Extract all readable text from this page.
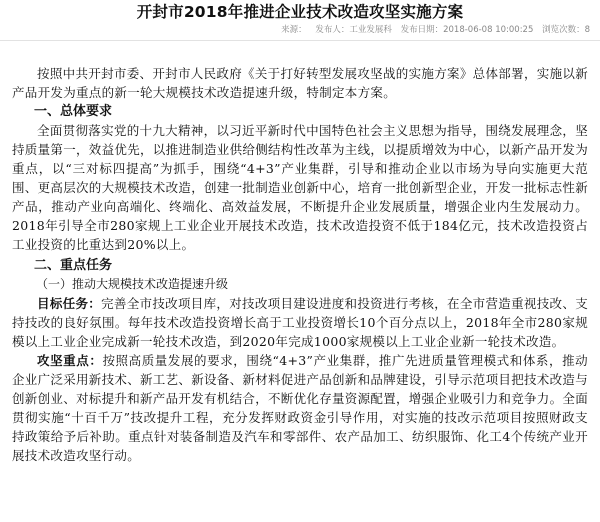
开封市2018年推进企业技术改造攻坚实施方案
来源： 发布人：工业发展科 发布日期：2018-06-08 10:00:25 浏览次数：8

按照中共开封市委、开封市人民政府《关于打好转型发展攻坚战的实施方案》总体部署，实施以新产品开发为重点的新一轮大规模技术改造提速升级，特制定本方案。

一、总体要求

全面贯彻落实党的十九大精神，以习近平新时代中国特色社会主义思想为指导，围绕发展理念，坚持质量第一，效益优先，以推进制造业供给侧结构性改革为主线，以提质增效为中心，以新产品开发为重点，以“三对标四提高”为抓手，围绕“4+3”产业集群，引导和推动企业以市场为导向实施更大范围、更高层次的大规模技术改造，创建一批制造业创新中心，培育一批创新型企业，开发一批标志性新产品，推动产业向高端化、终端化、高效益发展，不断提升企业发展质量，增强企业内生发展动力。2018年引导全市280家规上工业企业开展技术改造，技术改造投资不低于184亿元，技术改造投资占工业投资的比重达到20%以上。

二、重点任务
（一）推动大规模技术改造提速升级

目标任务：完善全市技改项目库，对技改项目建设进度和投资进行考核，在全市营造重视技改、支持技改的良好氛围。每年技术改造投资增长高于工业投资增长10个百分点以上，2018年全市280家规模以上工业企业完成新一轮技术改造，到2020年完成1000家规模以上工业企业新一轮技术改造。

攻坚重点：按照高质量发展的要求，围绕“4+3”产业集群，推广先进质量管理模式和体系，推动企业广泛采用新技术、新工艺、新设备、新材料促进产品创新和品牌建设，引导示范项目把技术改造与创新创业、对标提升和新产品开发有机结合，不断优化存量资源配置，增强企业吸引力和竞争力。全面贯彻实施“十百千万”技改提升工程，充分发挥财政资金引导作用，对实施的技改示范项目按照财政支持政策给予后补助。重点针对装备制造及汽车和零部件、农产品加工、纺织服饰、化工4个传统产业开展技术改造攻坚行动。
